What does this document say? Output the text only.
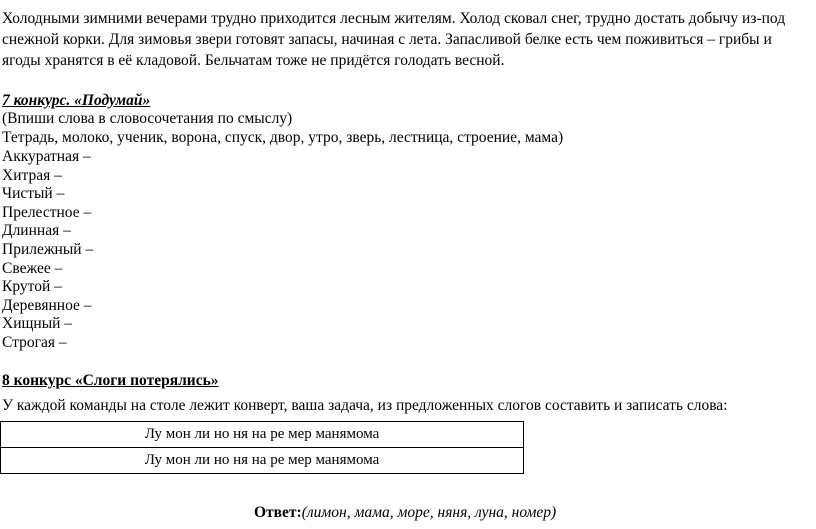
Холодными зимними вечерами трудно приходится лесным жителям. Холод сковал снег, трудно достать добычу из-под снежной корки. Для зимовья звери готовят запасы, начиная с лета. Запасливой белке есть чем поживиться – грибы и ягоды хранятся в её кладовой. Бельчатам тоже не придётся голодать весной.
7 конкурс. «Подумай»
(Впиши слова в словосочетания по смыслу)
Тетрадь, молоко, ученик, ворона, спуск, двор, утро, зверь, лестница, строение, мама)
Аккуратная –
Хитрая –
Чистый –
Прелестное –
Длинная –
Прилежный –
Свежее –
Крутой –
Деревянное –
Хищный –
Строгая –
8 конкурс «Слоги потерялись»
У каждой команды на столе лежит конверт, ваша задача, из предложенных слогов составить и записать слова:
Лу мон ли но ня на ре мер манямома
Лу мон ли но ня на ре мер манямома
Ответ:(лимон, мама, море, няня, луна, номер)
